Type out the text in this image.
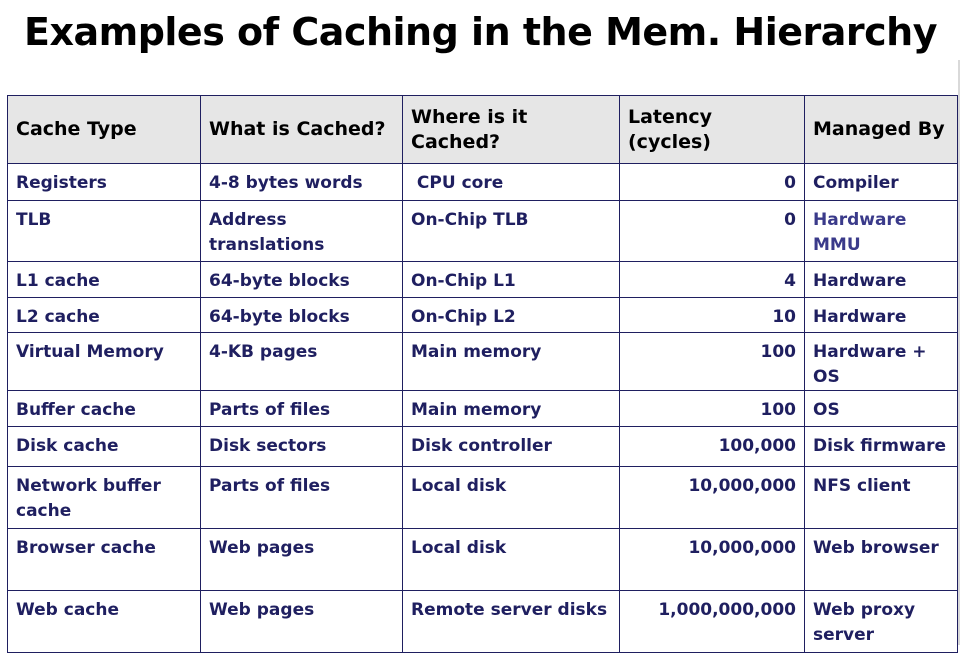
Examples of Caching in the Mem. Hierarchy
Cache Type	What is Cached?	Where is it Cached?	Latency (cycles)	Managed By
Registers	4-8 bytes words	CPU core	0	Compiler
TLB	Address translations	On-Chip TLB	0	Hardware MMU
L1 cache	64-byte blocks	On-Chip L1	4	Hardware
L2 cache	64-byte blocks	On-Chip L2	10	Hardware
Virtual Memory	4-KB pages	Main memory	100	Hardware + OS
Buffer cache	Parts of files	Main memory	100	OS
Disk cache	Disk sectors	Disk controller	100,000	Disk firmware
Network buffer cache	Parts of files	Local disk	10,000,000	NFS client
Browser cache	Web pages	Local disk	10,000,000	Web browser
Web cache	Web pages	Remote server disks	1,000,000,000	Web proxy server
